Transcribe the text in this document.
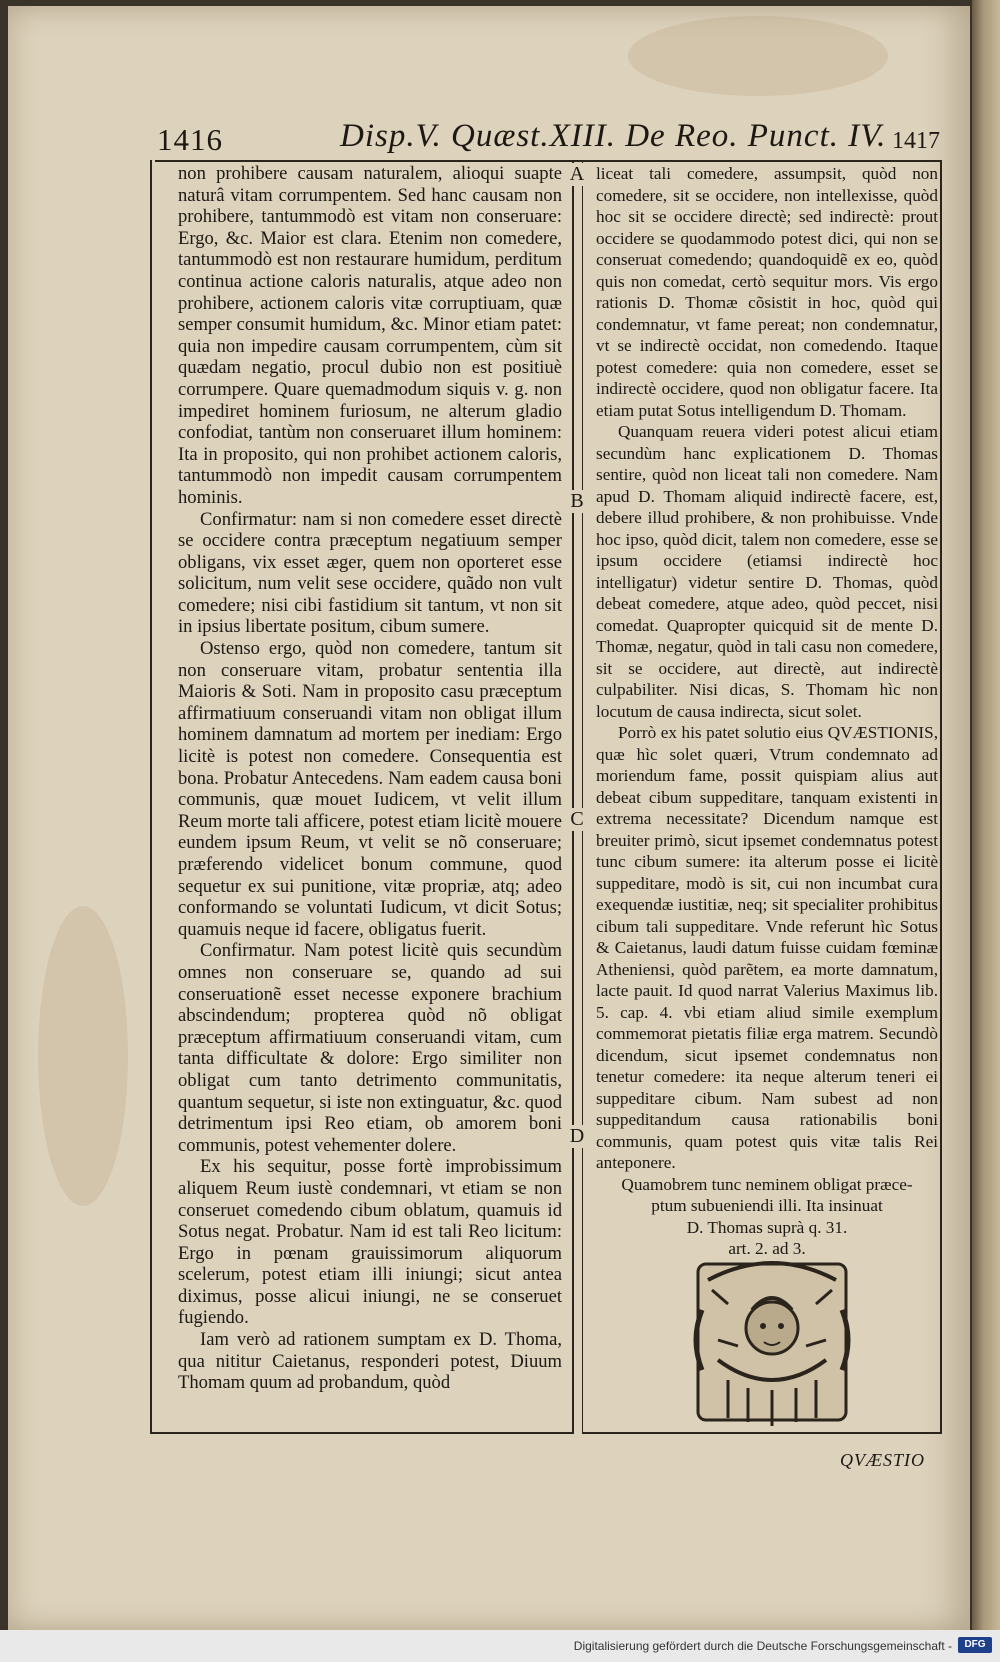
1416	Disp.V. Quæst.XIII. De Reo. Punct. IV. 1417
A
B
C
D

non prohibere causam naturalem, alioqui suapte naturâ vitam corrumpentem. Sed hanc causam non prohibere, tantummodò est vitam non conseruare: Ergo, &c. Maior est clara. Etenim non comedere, tantummodò est non restaurare humidum, perditum continua actione caloris naturalis, atque adeo non prohibere, actionem caloris vitæ corruptiuam, quæ semper consumit humidum, &c. Minor etiam patet: quia non impedire causam corrumpentem, cùm sit quædam negatio, procul dubio non est positiuè corrumpere. Quare quemadmodum siquis v. g. non impediret hominem furiosum, ne alterum gladio confodiat, tantùm non conseruaret illum hominem: Ita in proposito, qui non prohibet actionem caloris, tantummodò non impedit causam corrumpentem hominis.

Confirmatur: nam si non comedere esset directè se occidere contra præceptum negatiuum semper obligans, vix esset æger, quem non oporteret esse solicitum, num velit sese occidere, quãdo non vult comedere; nisi cibi fastidium sit tantum, vt non sit in ipsius libertate positum, cibum sumere.

Ostenso ergo, quòd non comedere, tantum sit non conseruare vitam, probatur sententia illa Maioris & Soti. Nam in proposito casu præceptum affirmatiuum conseruandi vitam non obligat illum hominem damnatum ad mortem per inediam: Ergo licitè is potest non comedere. Consequentia est bona. Probatur Antecedens. Nam eadem causa boni communis, quæ mouet Iudicem, vt velit illum Reum morte tali afficere, potest etiam licitè mouere eundem ipsum Reum, vt velit se nõ conseruare; præferendo videlicet bonum commune, quod sequetur ex sui punitione, vitæ propriæ, atq; adeo conformando se voluntati Iudicum, vt dicit Sotus; quamuis neque id facere, obligatus fuerit.

Confirmatur. Nam potest licitè quis secundùm omnes non conseruare se, quando ad sui conseruationẽ esset necesse exponere brachium abscindendum; propterea quòd nõ obligat præceptum affirmatiuum conseruandi vitam, cum tanta difficultate & dolore: Ergo similiter non obligat cum tanto detrimento communitatis, quantum sequetur, si iste non extinguatur, &c. quod detrimentum ipsi Reo etiam, ob amorem boni communis, potest vehementer dolere.

Ex his sequitur, posse fortè improbissimum aliquem Reum iustè condemnari, vt etiam se non conseruet comedendo cibum oblatum, quamuis id Sotus negat. Probatur. Nam id est tali Reo licitum: Ergo in pœnam grauissimorum aliquorum scelerum, potest etiam illi iniungi; sicut antea diximus, posse alicui iniungi, ne se conseruet fugiendo.

Iam verò ad rationem sumptam ex D. Thoma, qua nititur Caietanus, responderi potest, Diuum Thomam quum ad probandum, quòd

liceat tali comedere, assumpsit, quòd non comedere, sit se occidere, non intellexisse, quòd hoc sit se occidere directè; sed indirectè: prout occidere se quodammodo potest dici, qui non se conseruat comedendo; quandoquidẽ ex eo, quòd quis non comedat, certò sequitur mors. Vis ergo rationis D. Thomæ cõsistit in hoc, quòd qui condemnatur, vt fame pereat; non condemnatur, vt se indirectè occidat, non comedendo. Itaque potest comedere: quia non comedere, esset se indirectè occidere, quod non obligatur facere. Ita etiam putat Sotus intelligendum D. Thomam.

Quanquam reuera videri potest alicui etiam secundùm hanc explicationem D. Thomas sentire, quòd non liceat tali non comedere. Nam apud D. Thomam aliquid indirectè facere, est, debere illud prohibere, & non prohibuisse. Vnde hoc ipso, quòd dicit, talem non comedere, esse se ipsum occidere (etiamsi indirectè hoc intelligatur) videtur sentire D. Thomas, quòd debeat comedere, atque adeo, quòd peccet, nisi comedat. Quapropter quicquid sit de mente D. Thomæ, negatur, quòd in tali casu non comedere, sit se occidere, aut directè, aut indirectè culpabiliter. Nisi dicas, S. Thomam hìc non locutum de causa indirecta, sicut solet.

Porrò ex his patet solutio eius QVÆSTIONIS, quæ hìc solet quæri, Vtrum condemnato ad moriendum fame, possit quispiam alius aut debeat cibum suppeditare, tanquam existenti in extrema necessitate? Dicendum namque est breuiter primò, sicut ipsemet condemnatus potest tunc cibum sumere: ita alterum posse ei licitè suppeditare, modò is sit, cui non incumbat cura exequendæ iustitiæ, neq; sit specialiter prohibitus cibum tali suppeditare. Vnde referunt hìc Sotus & Caietanus, laudi datum fuisse cuidam fœminæ Atheniensi, quòd parẽtem, ea morte damnatum, lacte pauit. Id quod narrat Valerius Maximus lib. 5. cap. 4. vbi etiam aliud simile exemplum commemorat pietatis filiæ erga matrem. Secundò dicendum, sicut ipsemet condemnatus non tenetur comedere: ita neque alterum teneri ei suppeditare cibum. Nam subest ad non suppeditandum causa rationabilis boni communis, quam potest quis vitæ talis Rei anteponere.

Quamobrem tunc neminem obligat præce-

ptum subueniendi illi. Ita insinuat

D. Thomas suprà q. 31.

art. 2. ad 3.

QVÆSTIO
Digitalisierung gefördert durch die Deutsche Forschungsgemeinschaft -	DFG
